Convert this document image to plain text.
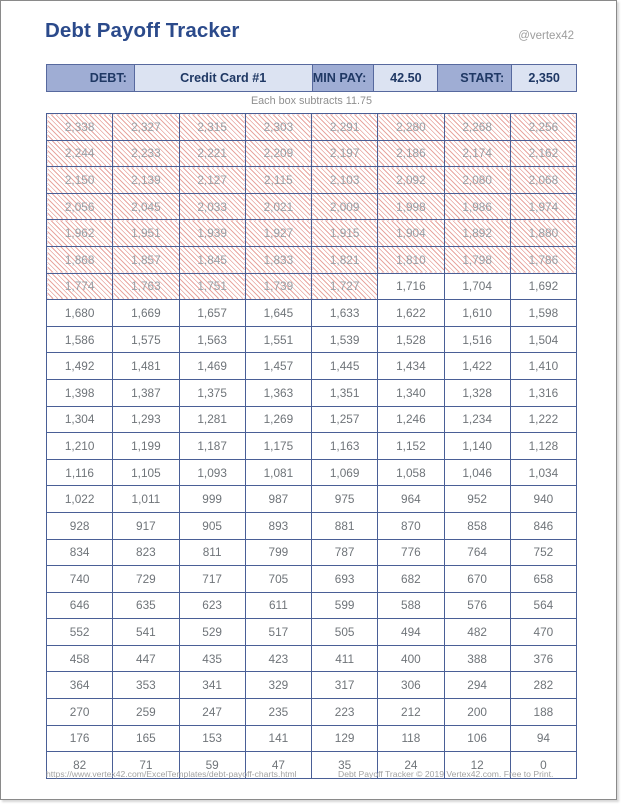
Debt Payoff Tracker	@vertex42
DEBT:	Credit Card #1	MIN PAY:	42.50	START:	2,350
Each box subtracts 11.75
2,338	2,327	2,315	2,303	2,291	2,280	2,268	2,256
2,244	2,233	2,221	2,209	2,197	2,186	2,174	2,162
2,150	2,139	2,127	2,115	2,103	2,092	2,080	2,068
2,056	2,045	2,033	2,021	2,009	1,998	1,986	1,974
1,962	1,951	1,939	1,927	1,915	1,904	1,892	1,880
1,868	1,857	1,845	1,833	1,821	1,810	1,798	1,786
1,774	1,763	1,751	1,739	1,727	1,716	1,704	1,692
1,680	1,669	1,657	1,645	1,633	1,622	1,610	1,598
1,586	1,575	1,563	1,551	1,539	1,528	1,516	1,504
1,492	1,481	1,469	1,457	1,445	1,434	1,422	1,410
1,398	1,387	1,375	1,363	1,351	1,340	1,328	1,316
1,304	1,293	1,281	1,269	1,257	1,246	1,234	1,222
1,210	1,199	1,187	1,175	1,163	1,152	1,140	1,128
1,116	1,105	1,093	1,081	1,069	1,058	1,046	1,034
1,022	1,011	999	987	975	964	952	940
928	917	905	893	881	870	858	846
834	823	811	799	787	776	764	752
740	729	717	705	693	682	670	658
646	635	623	611	599	588	576	564
552	541	529	517	505	494	482	470
458	447	435	423	411	400	388	376
364	353	341	329	317	306	294	282
270	259	247	235	223	212	200	188
176	165	153	141	129	118	106	94
82	71	59	47	35	24	12	0
https://www.vertex42.com/ExcelTemplates/debt-payoff-charts.html	Debt Payoff Tracker © 2019 Vertex42.com. Free to Print.
